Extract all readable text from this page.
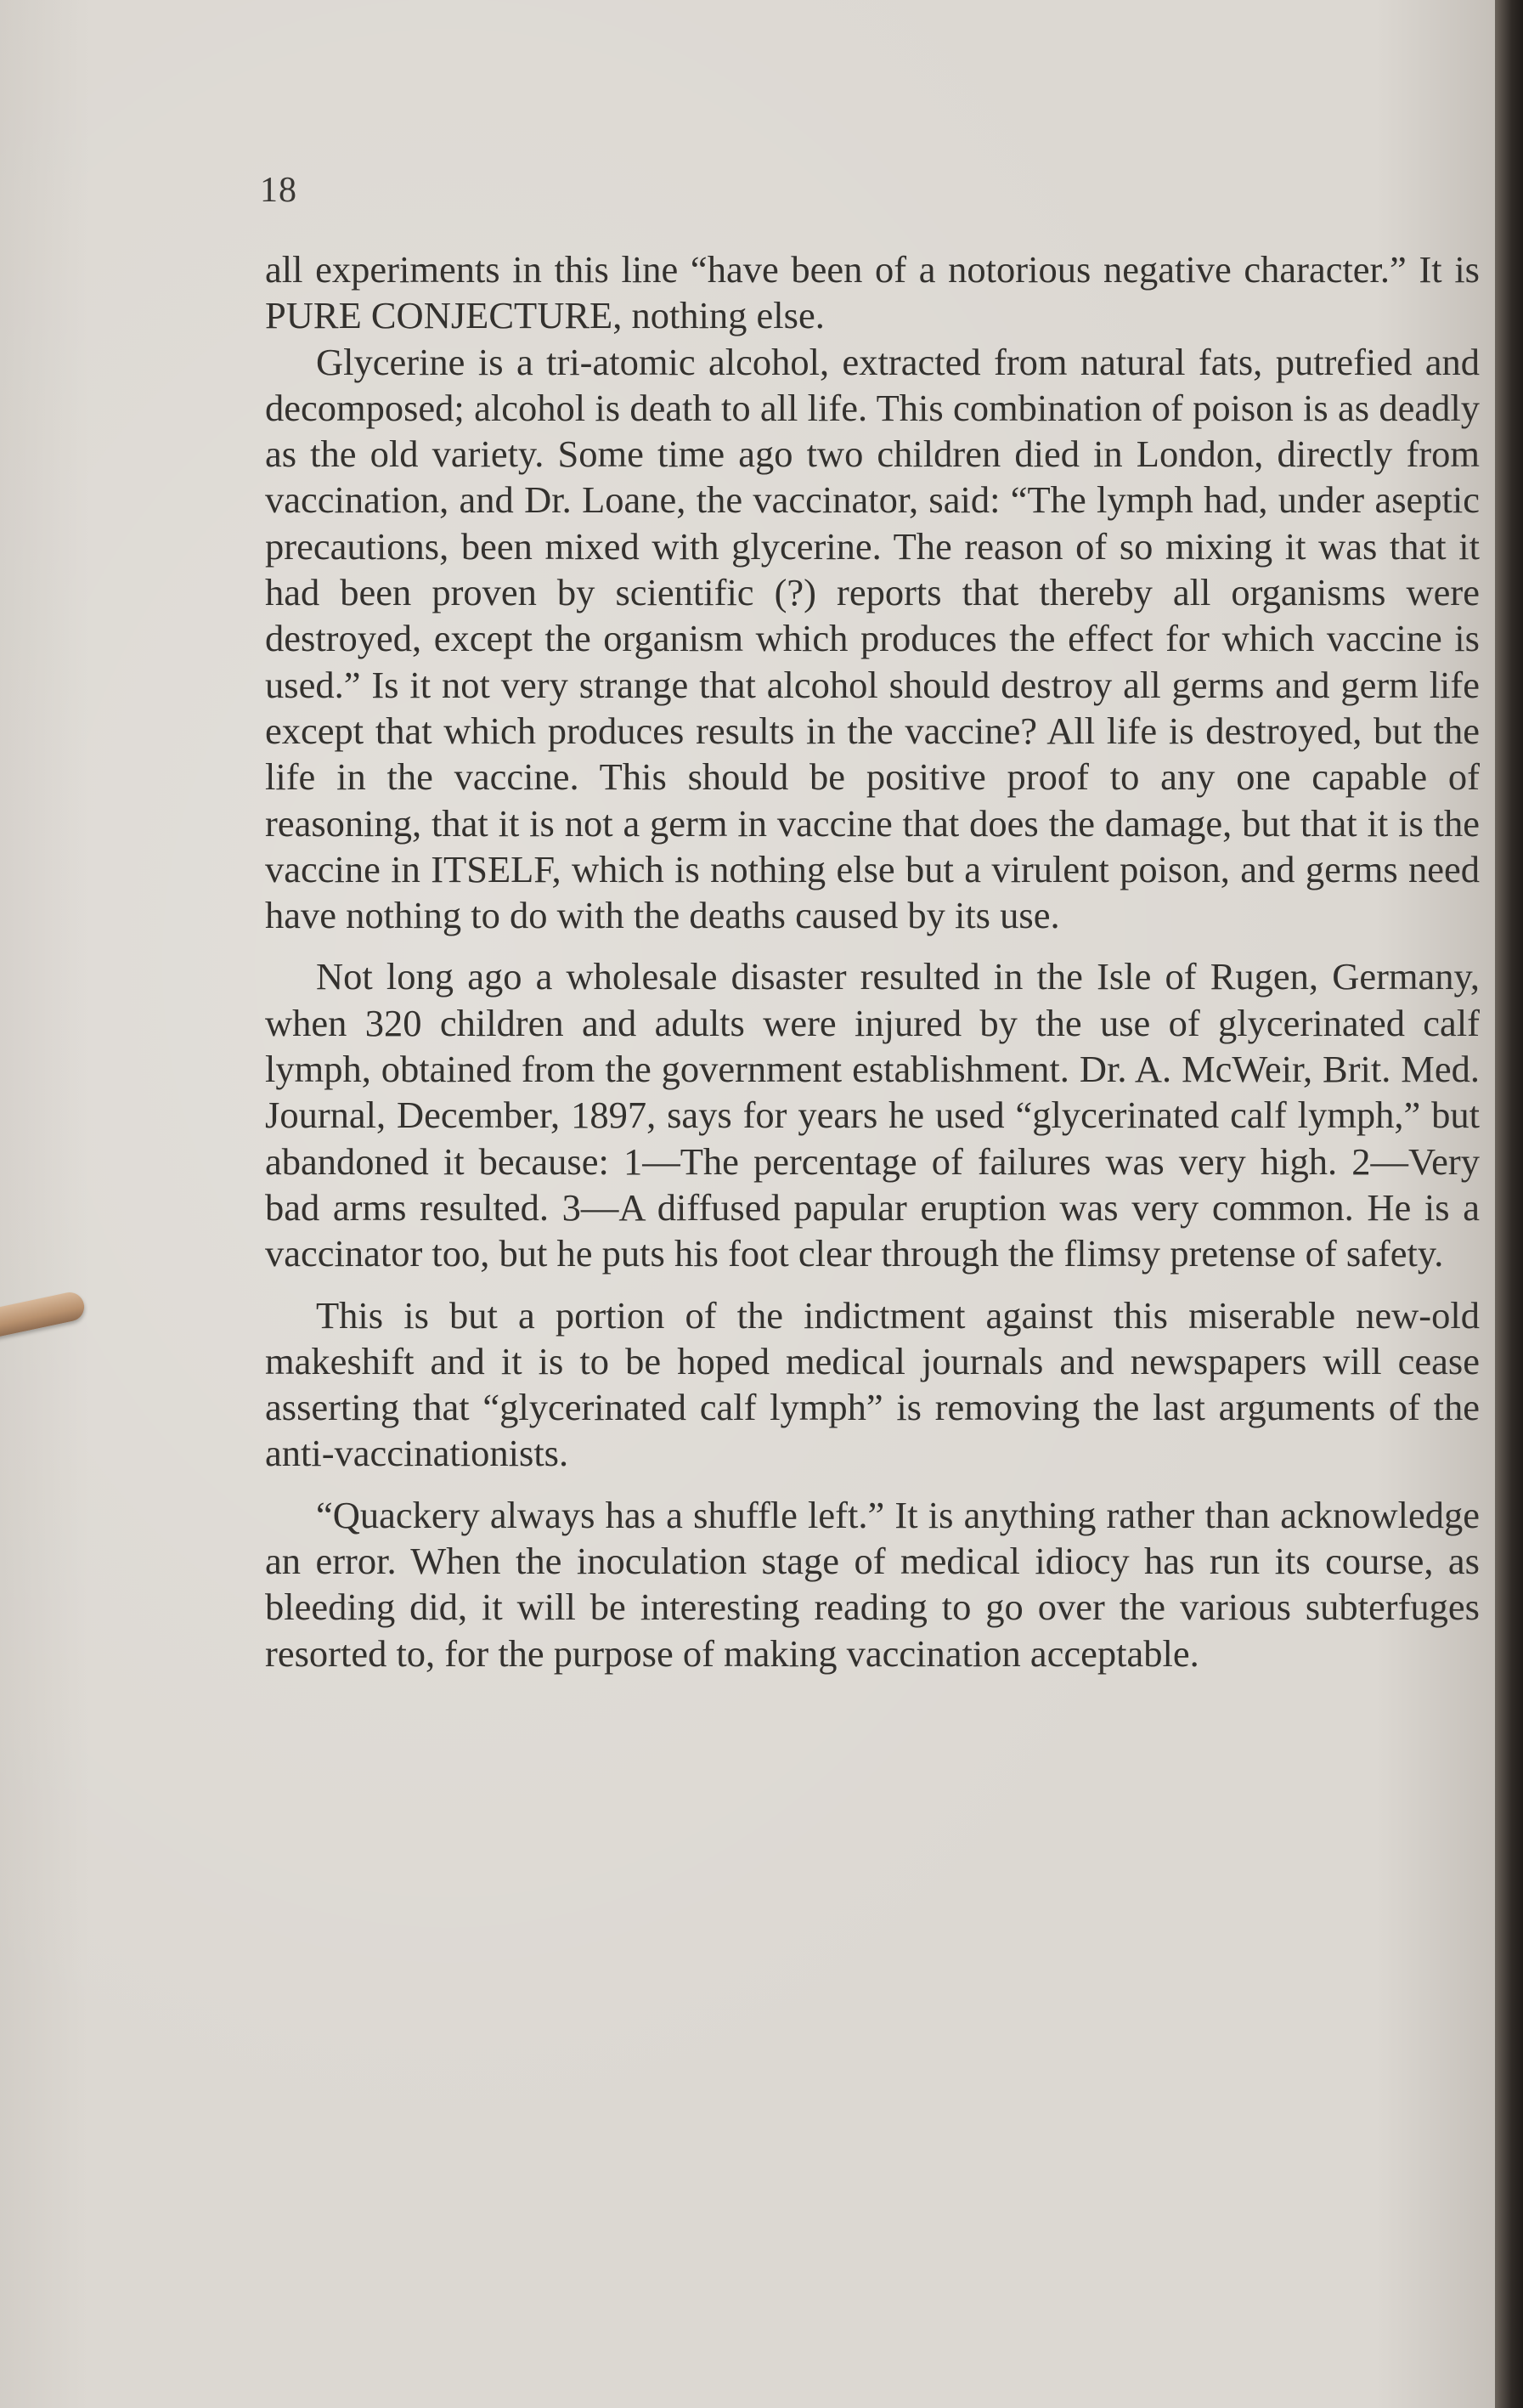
18

all experiments in this line “have been of a notorious negative character.” It is PURE CONJECTURE, nothing else.

Glycerine is a tri-atomic alcohol, extracted from natural fats, putrefied and decomposed; alcohol is death to all life. This combination of poison is as deadly as the old variety. Some time ago two children died in London, directly from vaccination, and Dr. Loane, the vaccinator, said: “The lymph had, under aseptic precautions, been mixed with glycerine. The reason of so mixing it was that it had been proven by scientific (?) reports that thereby all organisms were destroyed, except the organism which produces the effect for which vaccine is used.” Is it not very strange that alcohol should destroy all germs and germ life except that which produces results in the vaccine? All life is destroyed, but the life in the vaccine. This should be positive proof to any one capable of reasoning, that it is not a germ in vaccine that does the damage, but that it is the vaccine in ITSELF, which is nothing else but a virulent poison, and germs need have nothing to do with the deaths caused by its use.

Not long ago a wholesale disaster resulted in the Isle of Rugen, Germany, when 320 children and adults were injured by the use of glycerinated calf lymph, obtained from the government establishment. Dr. A. McWeir, Brit. Med. Journal, December, 1897, says for years he used “glycerinated calf lymph,” but abandoned it because: 1—The percentage of failures was very high. 2—Very bad arms resulted. 3—A diffused papular eruption was very common. He is a vaccinator too, but he puts his foot clear through the flimsy pretense of safety.

This is but a portion of the indictment against this miserable new-old makeshift and it is to be hoped medical journals and newspapers will cease asserting that “glycerinated calf lymph” is removing the last arguments of the anti-vaccinationists.

“Quackery always has a shuffle left.” It is anything rather than acknowledge an error. When the inoculation stage of medical idiocy has run its course, as bleeding did, it will be interesting reading to go over the various subterfuges resorted to, for the purpose of making vaccination acceptable.
